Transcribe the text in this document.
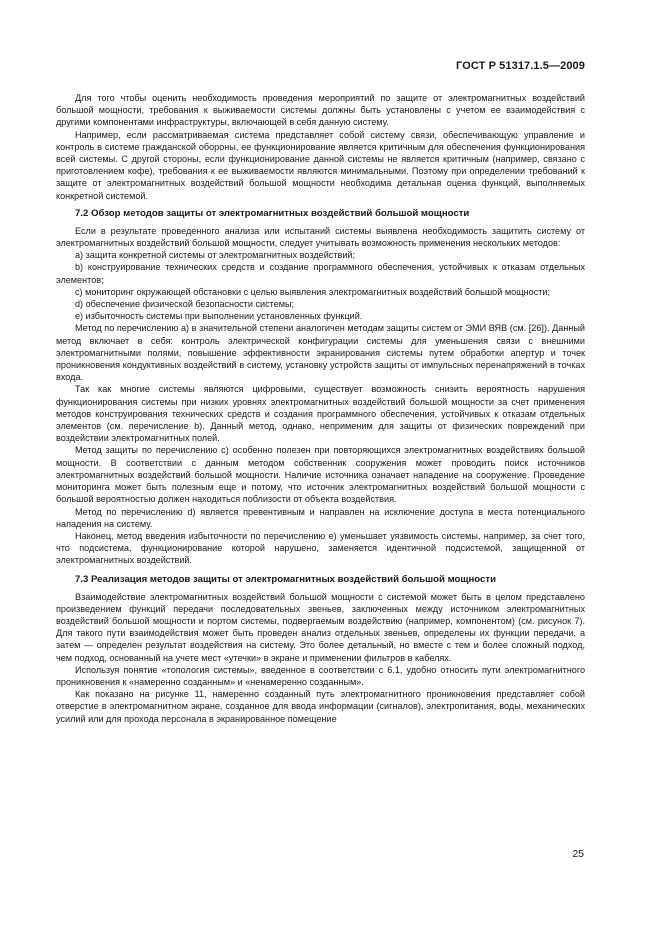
ГОСТ Р 51317.1.5—2009

Для того чтобы оценить необходимость проведения мероприятий по защите от электромагнитных воздействий большой мощности, требования к выживаемости системы должны быть установлены с учетом ее взаимодействия с другими компонентами инфраструктуры, включающей в себя данную систему.

Например, если рассматриваемая система представляет собой систему связи, обеспечивающую управление и контроль в системе гражданской обороны, ее функционирование является критичным для обеспечения функционирования всей системы. С другой стороны, если функционирование данной системы не является критичным (например, связано с приготовлением кофе), требования к ее выживаемости являются минимальными. Поэтому при определении требований к защите от электромагнитных воздействий большой мощности необходима детальная оценка функций, выполняемых конкретной системой.

7.2 Обзор методов защиты от электромагнитных воздействий большой мощности

Если в результате проведенного анализа или испытаний системы выявлена необходимость защитить систему от электромагнитных воздействий большой мощности, следует учитывать возможность применения нескольких методов:

a) защита конкретной системы от электромагнитных воздействий;

b) конструирование технических средств и создание программного обеспечения, устойчивых к отказам отдельных элементов;

c) мониторинг окружающей обстановки с целью выявления электромагнитных воздействий большой мощности;

d) обеспечение физической безопасности системы;

e) избыточность системы при выполнении установленных функций.

Метод по перечислению a) в значительной степени аналогичен методам защиты систем от ЭМИ ВЯВ (см. [26]). Данный метод включает в себя: контроль электрической конфигурации системы для уменьшения связи с внешними электромагнитными полями, повышение эффективности экранирования системы путем обработки апертур и точек проникновения кондуктивных воздействий в систему, установку устройств защиты от импульсных перенапряжений в точках входа.

Так как многие системы являются цифровыми, существует возможность снизить вероятность нарушения функционирования системы при низких уровнях электромагнитных воздействий большой мощности за счет применения методов конструирования технических средств и создания программного обеспечения, устойчивых к отказам отдельных элементов (см. перечисление b). Данный метод, однако, неприменим для защиты от физических повреждений при воздействии электромагнитных полей.

Метод защиты по перечислению c) особенно полезен при повторяющихся электромагнитных воздействиях большой мощности. В соответствии с данным методом собственник сооружения может проводить поиск источников электромагнитных воздействий большой мощности. Наличие источника означает нападение на сооружение. Проведение мониторинга может быть полезным еще и потому, что источник электромагнитных воздействий большой мощности с большой вероятностью должен находиться поблизости от объекта воздействия.

Метод по перечислению d) является превентивным и направлен на исключение доступа в места потенциального нападения на систему.

Наконец, метод введения избыточности по перечислению e) уменьшает уязвимость системы, например, за счет того, что подсистема, функционирование которой нарушено, заменяется идентичной подсистемой, защищенной от электромагнитных воздействий.

7.3 Реализация методов защиты от электромагнитных воздействий большой мощности

Взаимодействие электромагнитных воздействий большой мощности с системой может быть в целом представлено произведением функций передачи последовательных звеньев, заключенных между источником электромагнитных воздействий большой мощности и портом системы, подвергаемым воздействию (например, компонентом) (см. рисунок 7). Для такого пути взаимодействия может быть проведен анализ отдельных звеньев, определены их функции передачи, а затем — определен результат воздействия на систему. Это более детальный, но вместе с тем и более сложный подход, чем подход, основанный на учете мест «утечки» в экране и применении фильтров в кабелях.

Используя понятие «топология системы», введенное в соответствии с 6.1, удобно относить пути электромагнитного проникновения к «намеренно созданным» и «ненамеренно созданным».

Как показано на рисунке 11, намеренно созданный путь электромагнитного проникновения представляет собой отверстие в электромагнитном экране, созданное для ввода информации (сигналов), электропитания, воды, механических усилий или для прохода персонала в экранированное помещение

25
